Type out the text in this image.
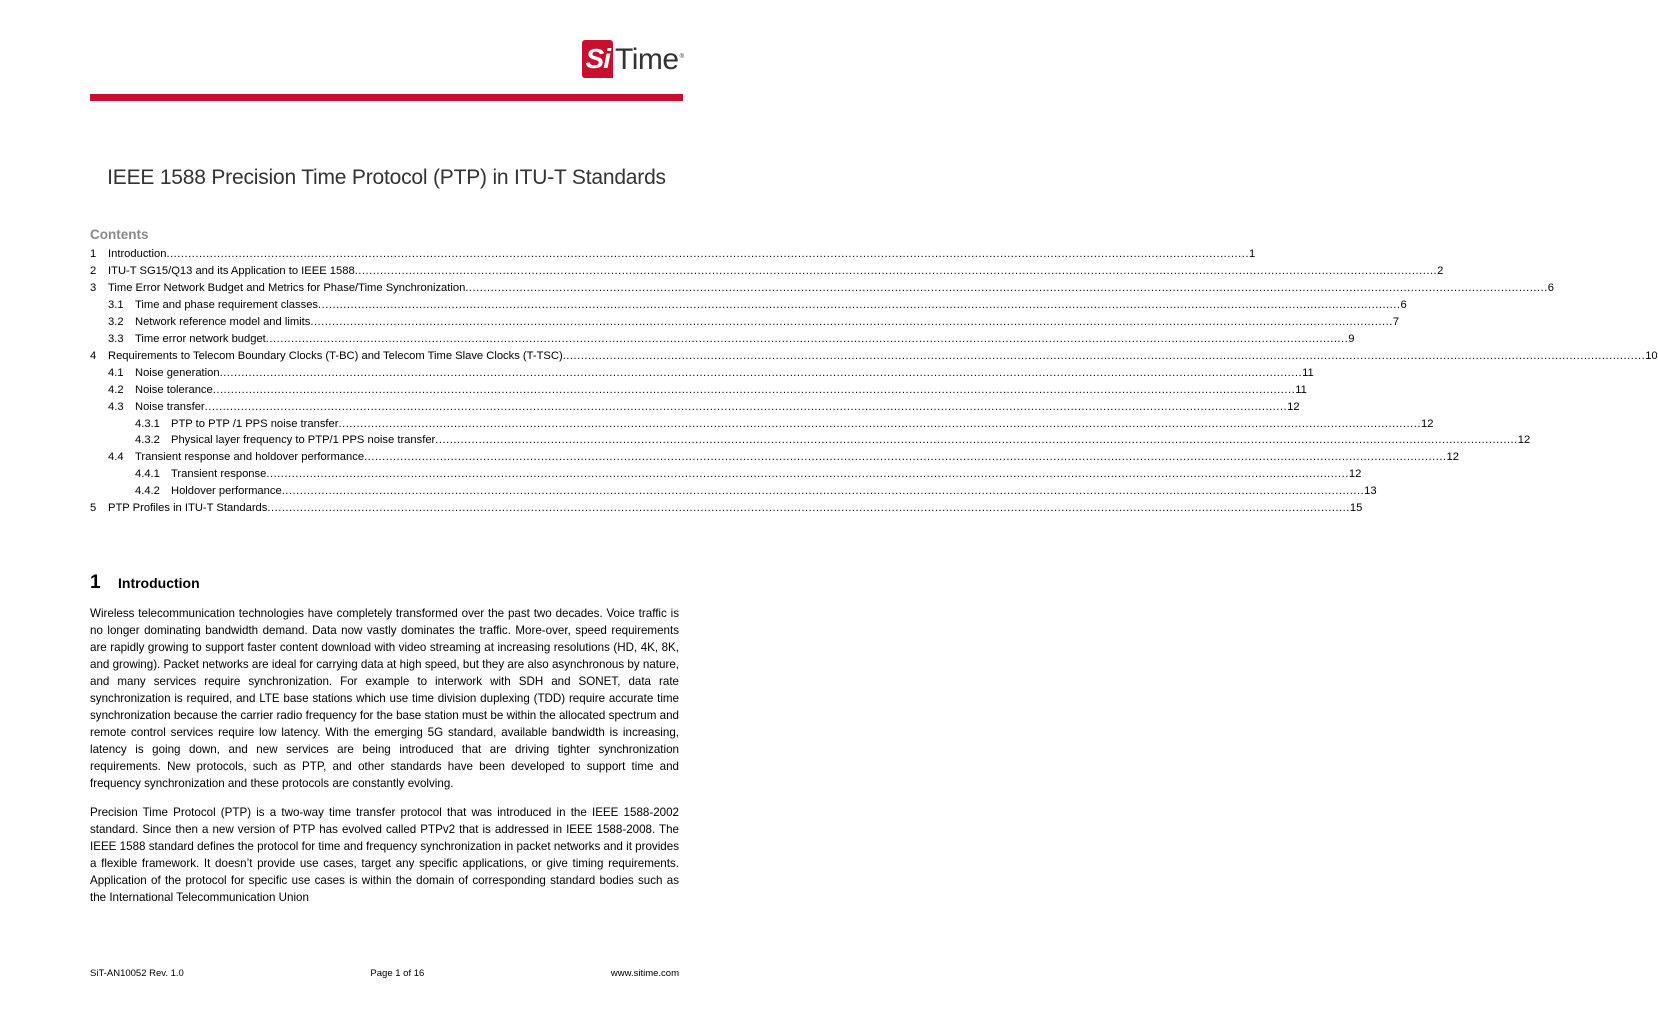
Si Time ®
IEEE 1588 Precision Time Protocol (PTP) in ITU-T Standards
Contents
1	Introduction ............................................................................................................................................................................................................................................................................................................ 1
2	ITU-T SG15/Q13 and its Application to IEEE 1588 ............................................................................................................................................................................................................................................................................................................ 2
3	Time Error Network Budget and Metrics for Phase/Time Synchronization ............................................................................................................................................................................................................................................................................................................ 6
3.1	Time and phase requirement classes ............................................................................................................................................................................................................................................................................................................ 6
3.2	Network reference model and limits ............................................................................................................................................................................................................................................................................................................ 7
3.3	Time error network budget ............................................................................................................................................................................................................................................................................................................ 9
4	Requirements to Telecom Boundary Clocks (T-BC) and Telecom Time Slave Clocks (T-TSC) ............................................................................................................................................................................................................................................................................................................ 10
4.1	Noise generation ............................................................................................................................................................................................................................................................................................................ 11
4.2	Noise tolerance ............................................................................................................................................................................................................................................................................................................ 11
4.3	Noise transfer ............................................................................................................................................................................................................................................................................................................ 12
4.3.1 PTP to PTP /1 PPS noise transfer ............................................................................................................................................................................................................................................................................................................ 12
4.3.2 Physical layer frequency to PTP/1 PPS noise transfer ............................................................................................................................................................................................................................................................................................................ 12
4.4	Transient response and holdover performance ............................................................................................................................................................................................................................................................................................................ 12
4.4.1 Transient response ............................................................................................................................................................................................................................................................................................................ 12
4.4.2 Holdover performance ............................................................................................................................................................................................................................................................................................................ 13
5	PTP Profiles in ITU-T Standards ............................................................................................................................................................................................................................................................................................................ 15
1	Introduction

Wireless telecommunication technologies have completely transformed over the past two decades. Voice traffic is no longer dominating bandwidth demand. Data now vastly dominates the traffic. More-over, speed requirements are rapidly growing to support faster content download with video streaming at increasing resolutions (HD, 4K, 8K, and growing). Packet networks are ideal for carrying data at high speed, but they are also asynchronous by nature, and many services require synchronization. For example to interwork with SDH and SONET, data rate synchronization is required, and LTE base stations which use time division duplexing (TDD) require accurate time synchronization because the carrier radio frequency for the base station must be within the allocated spectrum and remote control services require low latency. With the emerging 5G standard, available bandwidth is increasing, latency is going down, and new services are being introduced that are driving tighter synchronization requirements. New protocols, such as PTP, and other standards have been developed to support time and frequency synchronization and these protocols are constantly evolving.

Precision Time Protocol (PTP) is a two-way time transfer protocol that was introduced in the IEEE 1588-2002 standard. Since then a new version of PTP has evolved called PTPv2 that is addressed in IEEE 1588-2008. The IEEE 1588 standard defines the protocol for time and frequency synchronization in packet networks and it provides a flexible framework. It doesn’t provide use cases, target any specific applications, or give timing requirements. Application of the protocol for specific use cases is within the domain of corresponding standard bodies such as the International Telecommunication Union

SiT-AN10052 Rev. 1.0	Page 1 of 16	www.sitime.com
